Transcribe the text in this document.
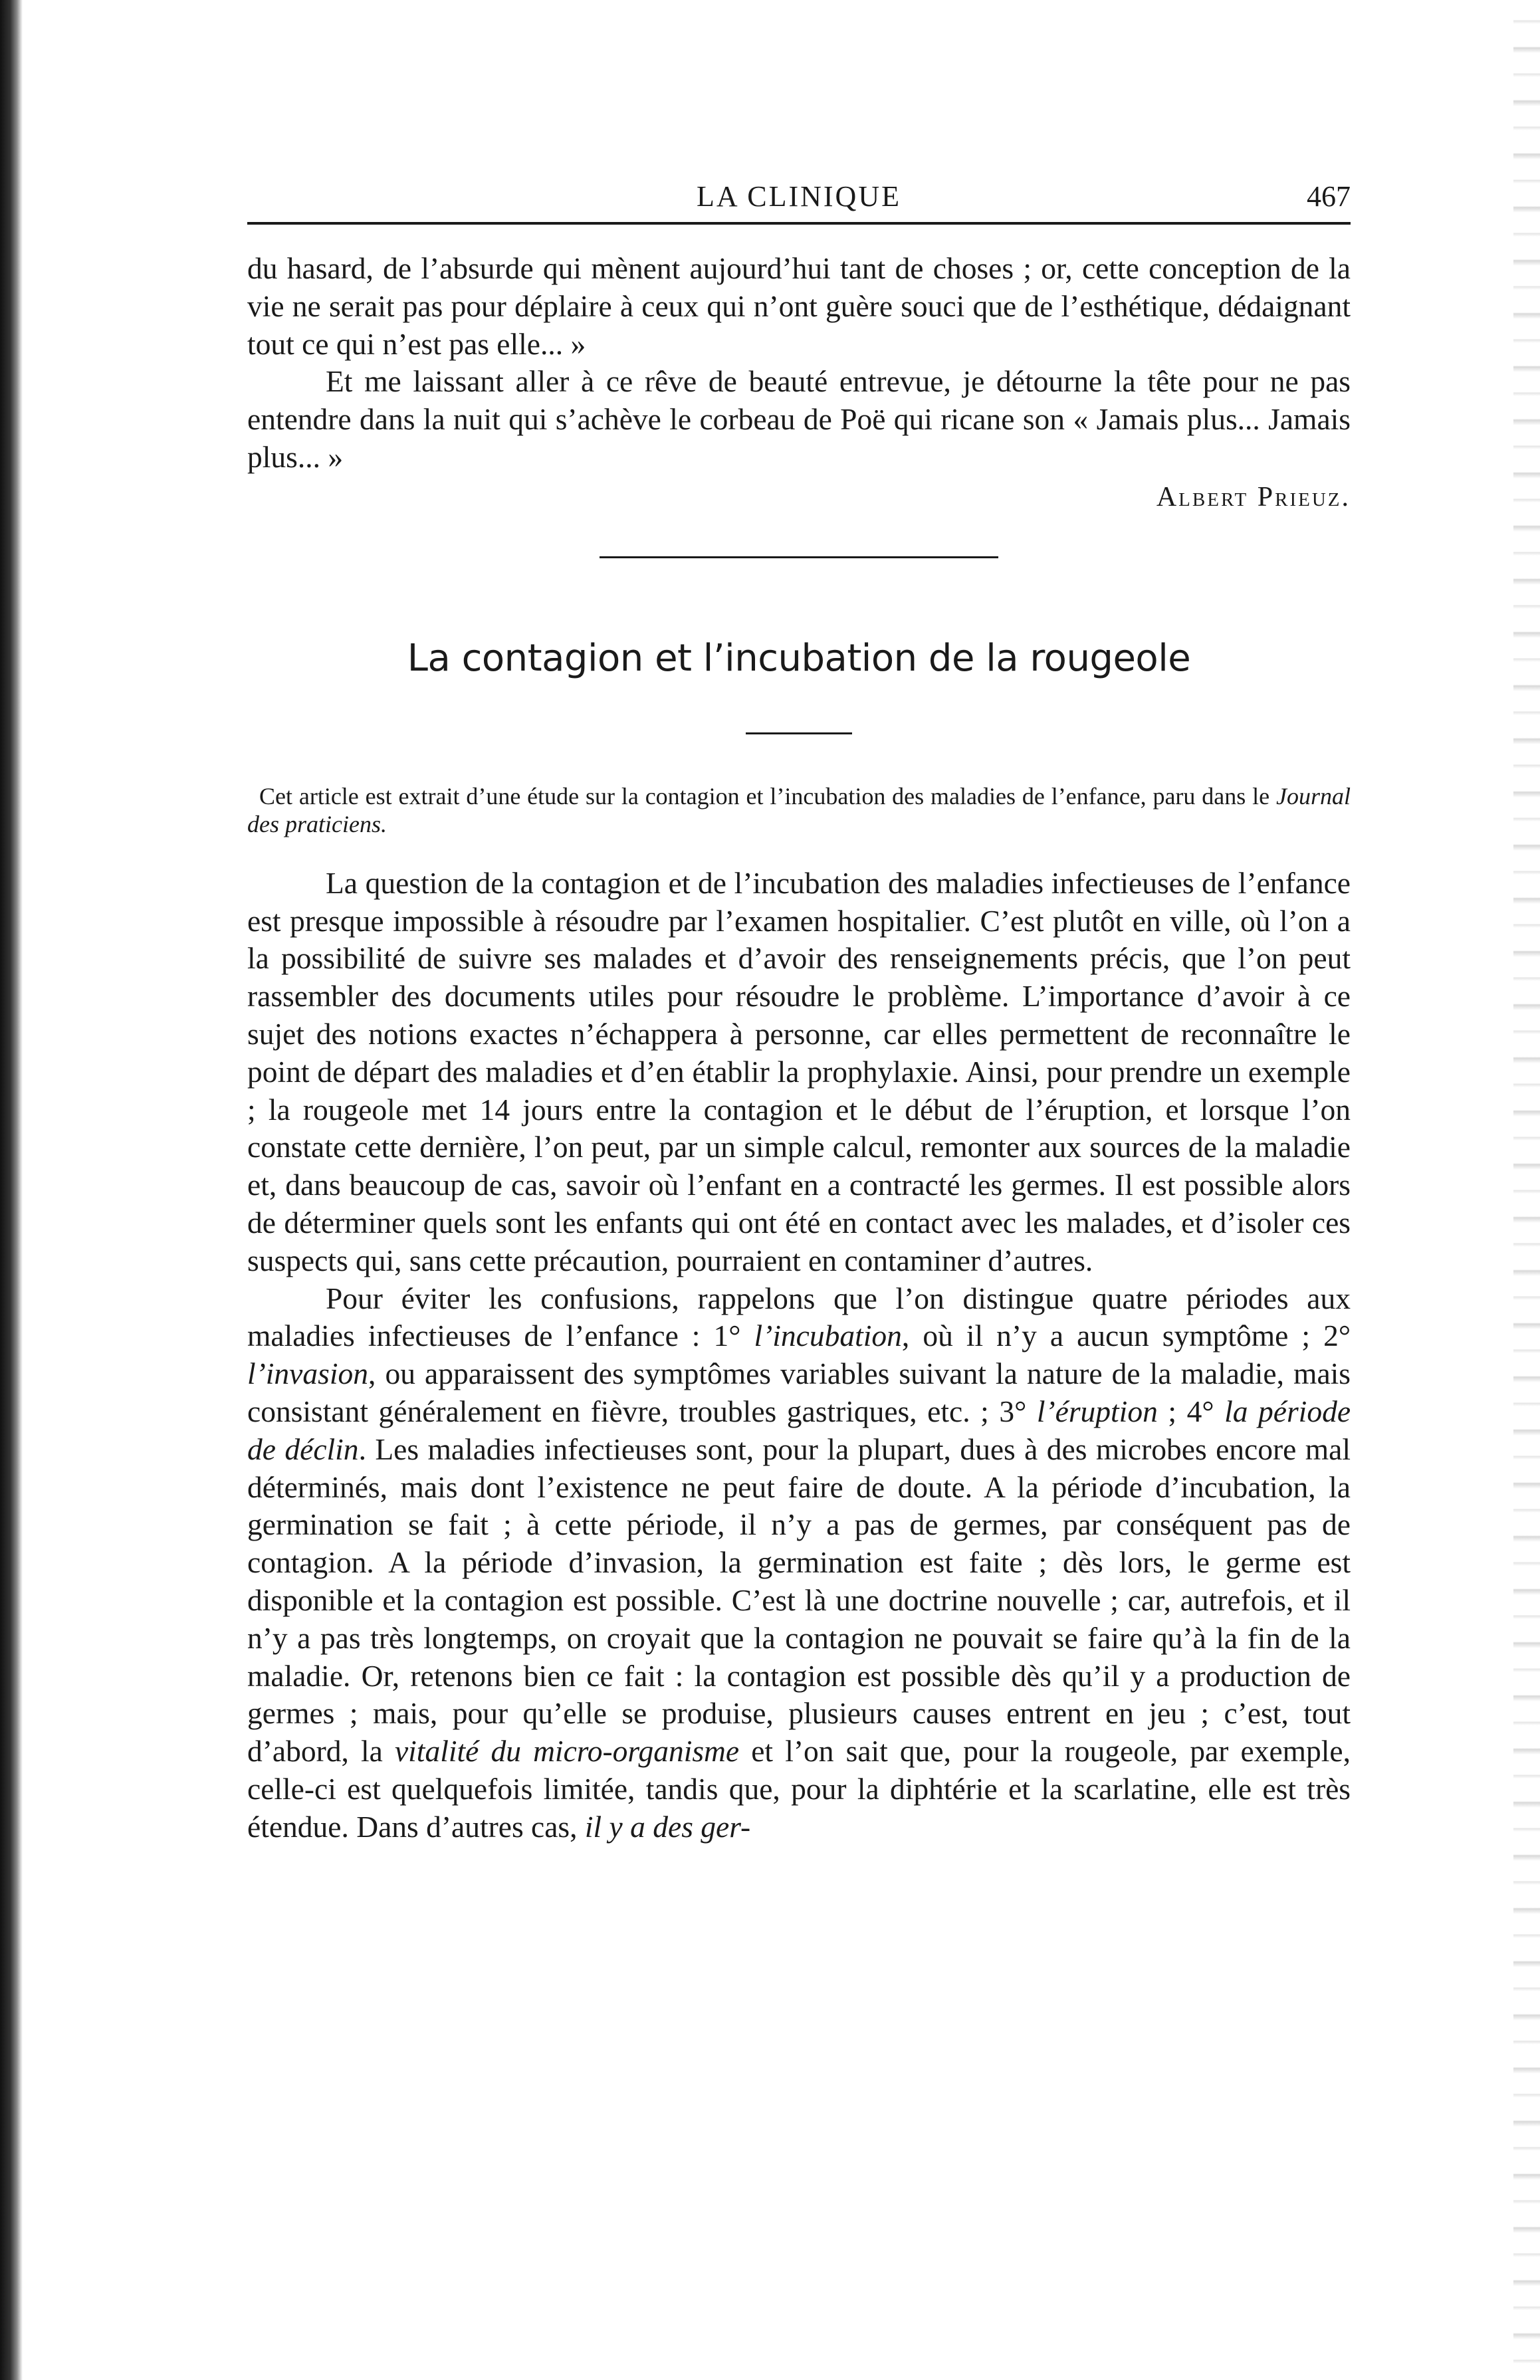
LA CLINIQUE	467

du hasard, de l’absurde qui mènent aujourd’hui tant de choses ; or, cette conception de la vie ne serait pas pour déplaire à ceux qui n’ont guère souci que de l’esthétique, dédaignant tout ce qui n’est pas elle... »

Et me laissant aller à ce rêve de beauté entrevue, je détourne la tête pour ne pas entendre dans la nuit qui s’achève le corbeau de Poë qui ricane son « Jamais plus... Jamais plus... »

Albert Prieuz.
La contagion et l’incubation de la rougeole

Cet article est extrait d’une étude sur la contagion et l’incubation des maladies de l’enfance, paru dans le Journal des praticiens.

La question de la contagion et de l’incubation des maladies infectieuses de l’enfance est presque impossible à résoudre par l’examen hospitalier. C’est plutôt en ville, où l’on a la possibilité de suivre ses malades et d’avoir des renseignements précis, que l’on peut rassembler des documents utiles pour résoudre le problème. L’importance d’avoir à ce sujet des notions exactes n’échappera à personne, car elles permettent de reconnaître le point de départ des maladies et d’en établir la prophylaxie. Ainsi, pour prendre un exemple ; la rougeole met 14 jours entre la contagion et le début de l’éruption, et lorsque l’on constate cette dernière, l’on peut, par un simple calcul, remonter aux sources de la maladie et, dans beaucoup de cas, savoir où l’enfant en a contracté les germes. Il est possible alors de déterminer quels sont les enfants qui ont été en contact avec les malades, et d’isoler ces suspects qui, sans cette précaution, pourraient en contaminer d’autres.

Pour éviter les confusions, rappelons que l’on distingue quatre périodes aux maladies infectieuses de l’enfance : 1° l’incubation, où il n’y a aucun symptôme ; 2° l’invasion, ou apparaissent des symptômes variables suivant la nature de la maladie, mais consistant généralement en fièvre, troubles gastriques, etc. ; 3° l’éruption ; 4° la période de déclin. Les maladies infectieuses sont, pour la plupart, dues à des microbes encore mal déterminés, mais dont l’existence ne peut faire de doute. A la période d’incubation, la germination se fait ; à cette période, il n’y a pas de germes, par conséquent pas de contagion. A la période d’invasion, la germination est faite ; dès lors, le germe est disponible et la contagion est possible. C’est là une doctrine nouvelle ; car, autrefois, et il n’y a pas très longtemps, on croyait que la contagion ne pouvait se faire qu’à la fin de la maladie. Or, retenons bien ce fait : la contagion est possible dès qu’il y a production de germes ; mais, pour qu’elle se produise, plusieurs causes entrent en jeu ; c’est, tout d’abord, la vitalité du micro-organisme et l’on sait que, pour la rougeole, par exemple, celle-ci est quelquefois limitée, tandis que, pour la diphtérie et la scarlatine, elle est très étendue. Dans d’autres cas, il y a des ger-
